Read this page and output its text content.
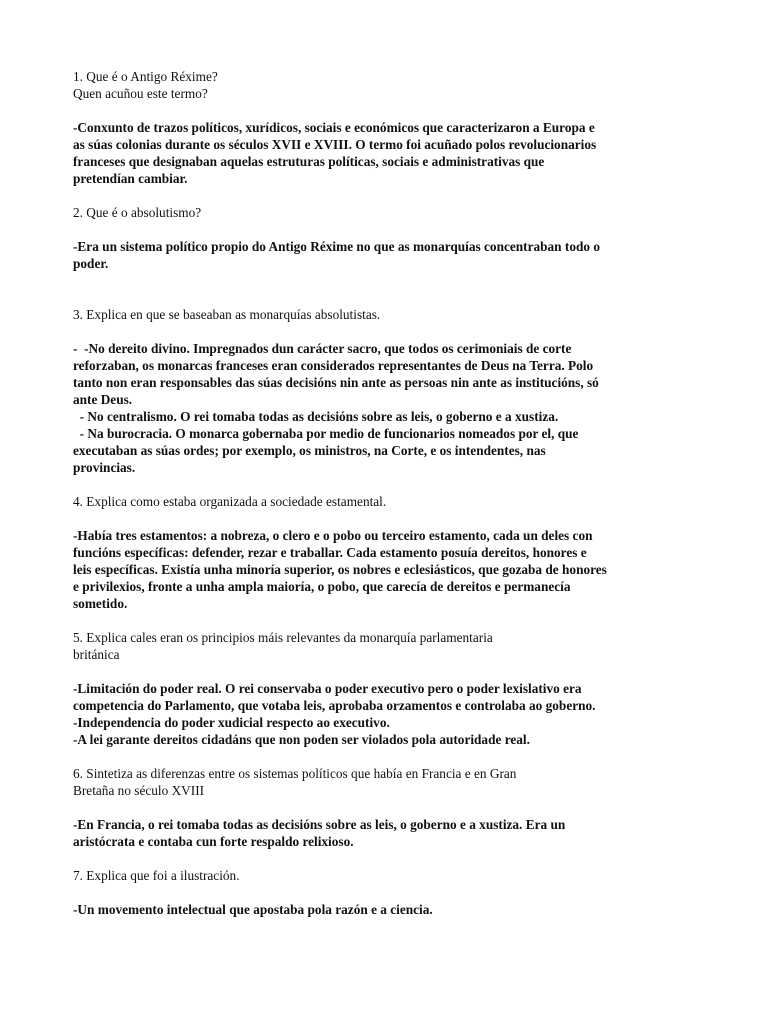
1. Que é o Antigo Réxime?
Quen acuñou este termo?
-Conxunto de trazos políticos, xurídicos, sociais e económicos que caracterizaron a Europa e
as súas colonias durante os séculos XVII e XVIII. O termo foi acuñado polos revolucionarios
franceses que designaban aquelas estruturas políticas, sociais e administrativas que
pretendían cambiar.
2. Que é o absolutismo?
-Era un sistema político propio do Antigo Réxime no que as monarquías concentraban todo o
poder.
3. Explica en que se baseaban as monarquías absolutistas.
-  -No dereito divino. Impregnados dun carácter sacro, que todos os cerimoniais de corte
reforzaban, os monarcas franceses eran considerados representantes de Deus na Terra. Polo
tanto non eran responsables das súas decisións nin ante as persoas nin ante as institucións, só
ante Deus.
- No centralismo. O rei tomaba todas as decisións sobre as leis, o goberno e a xustiza.
- Na burocracia. O monarca gobernaba por medio de funcionarios nomeados por el, que
executaban as súas ordes; por exemplo, os ministros, na Corte, e os intendentes, nas
provincias.
4. Explica como estaba organizada a sociedade estamental.
-Había tres estamentos: a nobreza, o clero e o pobo ou terceiro estamento, cada un deles con
funcións específicas: defender, rezar e traballar. Cada estamento posuía dereitos, honores e
leis específicas. Existía unha minoría superior, os nobres e eclesiásticos, que gozaba de honores
e privilexios, fronte a unha ampla maioría, o pobo, que carecía de dereitos e permanecía
sometido.
5. Explica cales eran os principios máis relevantes da monarquía parlamentaria
británica
-Limitación do poder real. O rei conservaba o poder executivo pero o poder lexislativo era
competencia do Parlamento, que votaba leis, aprobaba orzamentos e controlaba ao goberno.
-Independencia do poder xudicial respecto ao executivo.
-A lei garante dereitos cidadáns que non poden ser violados pola autoridade real.
6. Sintetiza as diferenzas entre os sistemas políticos que había en Francia e en Gran
Bretaña no século XVIII
-En Francia, o rei tomaba todas as decisións sobre as leis, o goberno e a xustiza. Era un
aristócrata e contaba cun forte respaldo relixioso.
7. Explica que foi a ilustración.
-Un movemento intelectual que apostaba pola razón e a ciencia.
